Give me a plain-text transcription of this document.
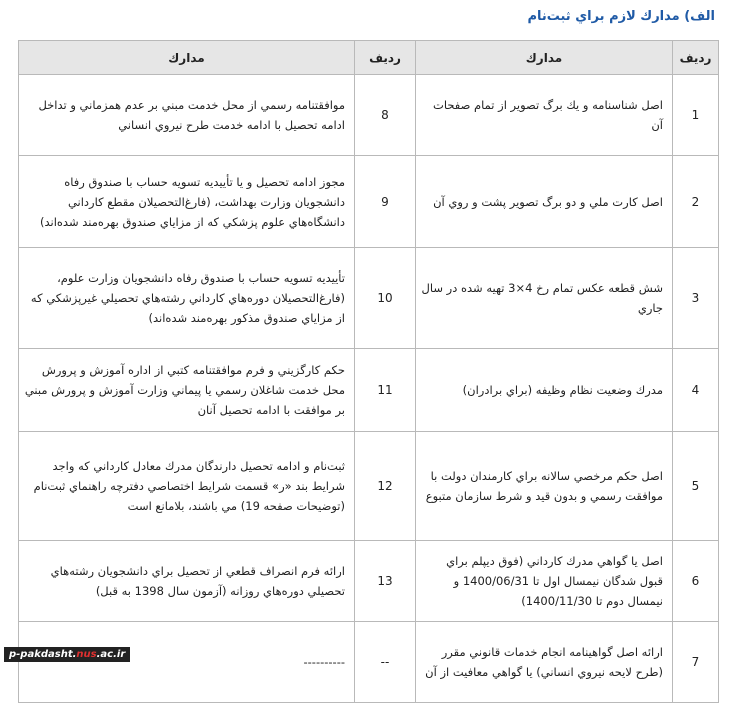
الف) مدارك لازم براي ثبت‌نام
رديف	مدارك	رديف	مدارك
1	اصل شناسنامه و يك برگ تصوير از تمام صفحات آن	8	موافقتنامه رسمي از محل خدمت مبني بر عدم همزماني و تداخل ادامه تحصيل با ادامه خدمت طرح نيروي انساني
2	اصل كارت ملي و دو برگ تصوير پشت و روي آن	9	مجوز ادامه تحصيل و يا تأييديه تسويه حساب با صندوق رفاه دانشجويان وزارت بهداشت، (فارغ‌التحصيلان مقطع كارداني دانشگاه‌هاي علوم پزشكي كه از مزاياي صندوق بهره‌مند شده‌اند)
3	شش قطعه عكس تمام رخ 4×3 تهيه شده در سال جاري	10	تأييديه تسويه حساب با صندوق رفاه دانشجويان وزارت علوم، (فارغ‌التحصيلان دوره‌هاي كارداني رشته‌هاي تحصيلي غيرپزشكي كه از مزاياي صندوق مذكور بهره‌مند شده‌اند)
4	مدرك وضعيت نظام وظيفه (براي برادران)	11	حكم كارگزيني و فرم موافقتنامه كتبي از اداره آموزش و پرورش محل خدمت شاغلان رسمي يا پيماني وزارت آموزش و پرورش مبني بر موافقت با ادامه تحصيل آنان
5	اصل حكم مرخصي سالانه براي كارمندان دولت با موافقت رسمي و بدون قيد و شرط سازمان متبوع	12	ثبت‌نام و ادامه تحصيل دارندگان مدرك معادل كارداني كه واجد شرايط بند «ر» قسمت شرايط اختصاصي دفترچه راهنماي ثبت‌نام (توضيحات صفحه 19) مي باشند، بلامانع است
6	اصل يا گواهي مدرك كارداني (فوق ديپلم براي قبول شدگان نيمسال اول تا 1400/06/31 و نيمسال دوم تا 1400/11/30)	13	ارائه فرم انصراف قطعي از تحصيل براي دانشجويان رشته‌هاي تحصيلي دوره‌هاي روزانه (آزمون سال 1398 به قبل)
7	ارائه اصل گواهينامه انجام خدمات قانوني مقرر (طرح لايحه نيروي انساني) يا گواهي معافيت از آن	--	----------
p-pakdasht.nus.ac.ir
